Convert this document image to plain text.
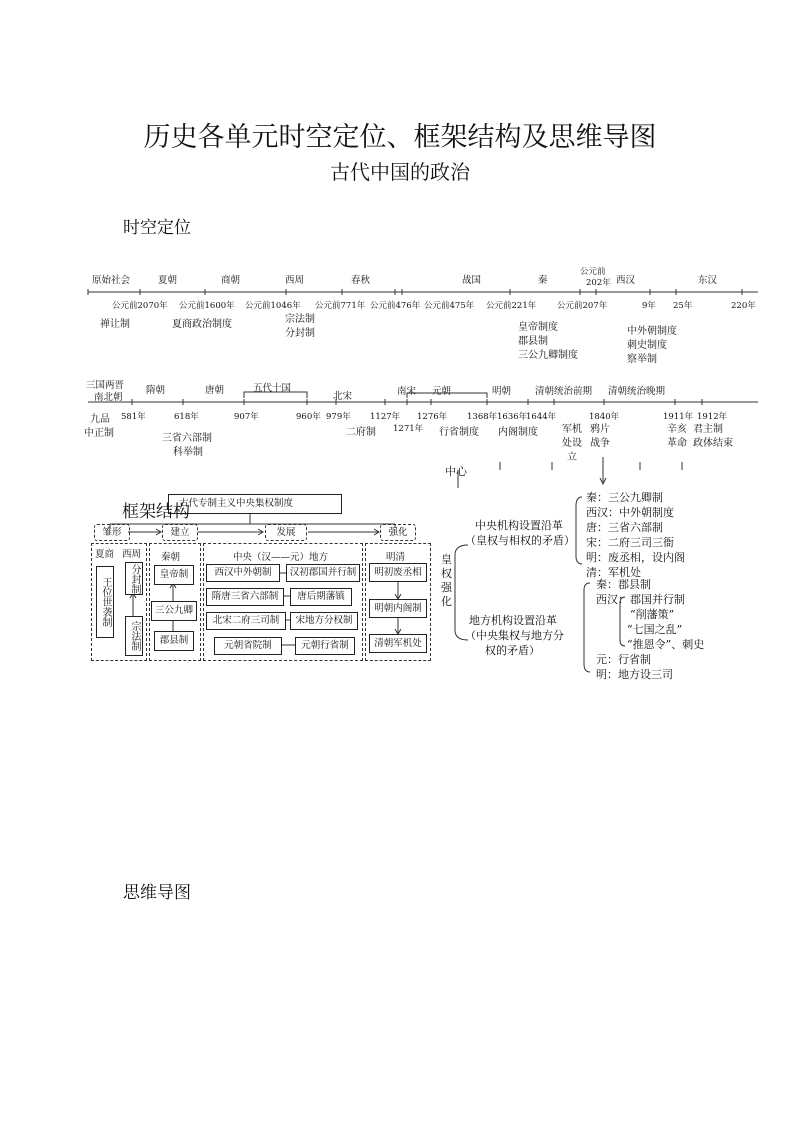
历史各单元时空定位、框架结构及思维导图
古代中国的政治
时空定位
原始社会	夏朝	商朝	西周	春秋	战国	秦
公元前
202年 西汉	东汉
公元前2070年 公元前1600年 公元前1046年 公元前771年 公元前476年 公元前475年 公元前221年 公元前207年	9年 25年	220年
禅让制	夏商政治制度	宗法制
分封制
皇帝制度
郡县制
三公九卿制度
中外朝制度
刺史制度
察举制
三国两晋
南北朝
隋朝	唐朝	五代十国
北宋	南宋 元朝	明朝	清朝统治前期 清朝统治晚期
581年	618年	907年	960年 979年 1127年
1271年
1276年 1368年 1636年
1644年	1840年	1911年 1912年
九品
中正制	三省六部制
科举制
二府制	行省制度 内阁制度 军机
处设
立
鸦片
战争
辛亥
革命
君主制
政体结束
古代专制主义中央集权制度
框架结构
雏形	建立	发展	强化
夏商 西周
王位世袭制	分封制
宗法制
秦朝
皇帝制
三公九卿
郡县制
中央（汉——元）地方
西汉中外朝制	汉初郡国并行制
隋唐三省六部制	唐后期藩镇
北宋二府三司制	宋地方分权制
元朝省院制	元朝行省制
明清
明初废丞相
明朝内阁制
清朝军机处
中心
皇权强化
中央机构设置沿革
（皇权与相权的矛盾）
秦：三公九卿制
西汉：中外朝制度
唐：三省六部制
宋：二府三司三衙
明：废丞相，设内阁
清：军机处
地方机构设置沿革
（中央集权与地方分
权的矛盾）
秦：郡县制
西汉： 郡国并行制
“削藩策”
“七国之乱”
“推恩令”、刺史
元：行省制
明：地方设三司
思维导图
